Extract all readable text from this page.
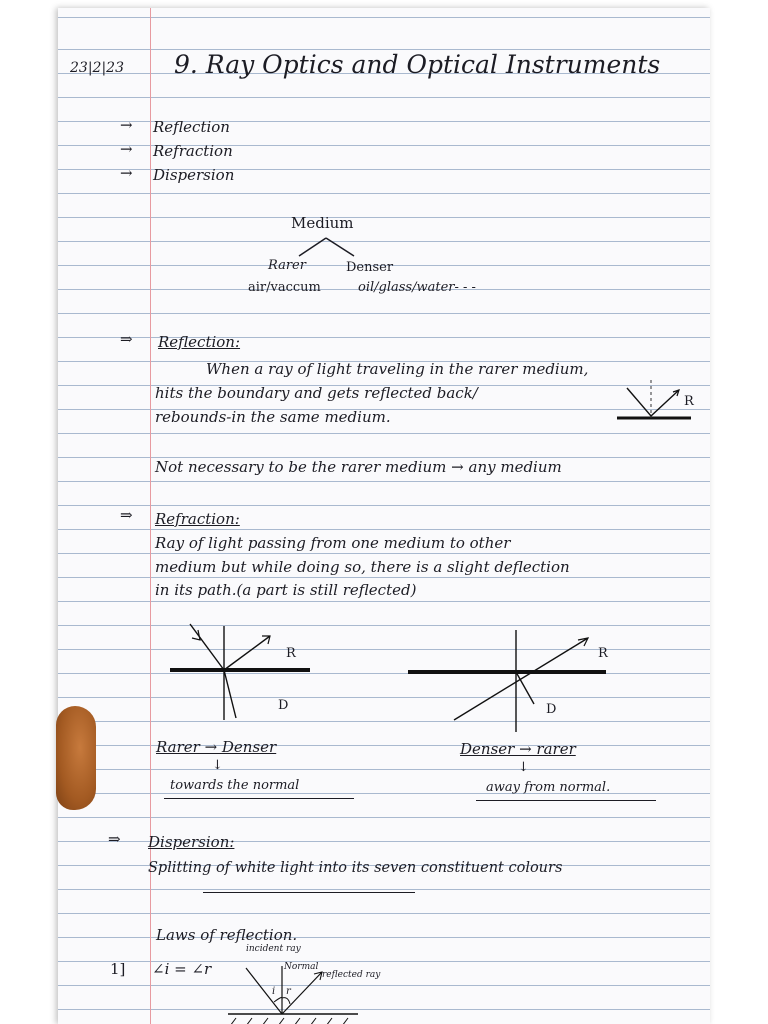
23|2|23 9. Ray Optics and Optical Instruments
→ Reflection
→ Refraction
→ Dispersion
Medium
Rarer	Denser
air/vaccum	oil/glass/water- - -
⇒ Reflection:
When a ray of light traveling in the rarer medium,
hits the boundary and gets reflected back/
rebounds-in the same medium.
R
Not necessary to be the rarer medium → any medium
⇒ Refraction:
Ray of light passing from one medium to other
medium but while doing so, there is a slight deflection
in its path.(a part is still reflected)
R
D
R
D
Rarer → Denser
↓
towards the normal
Denser → rarer
↓
away from normal.
⇒ Dispersion:
Splitting of white light into its seven constituent colours
Laws of reflection.
1] ∠i = ∠r
incident ray
Normal
reflected ray
i r
